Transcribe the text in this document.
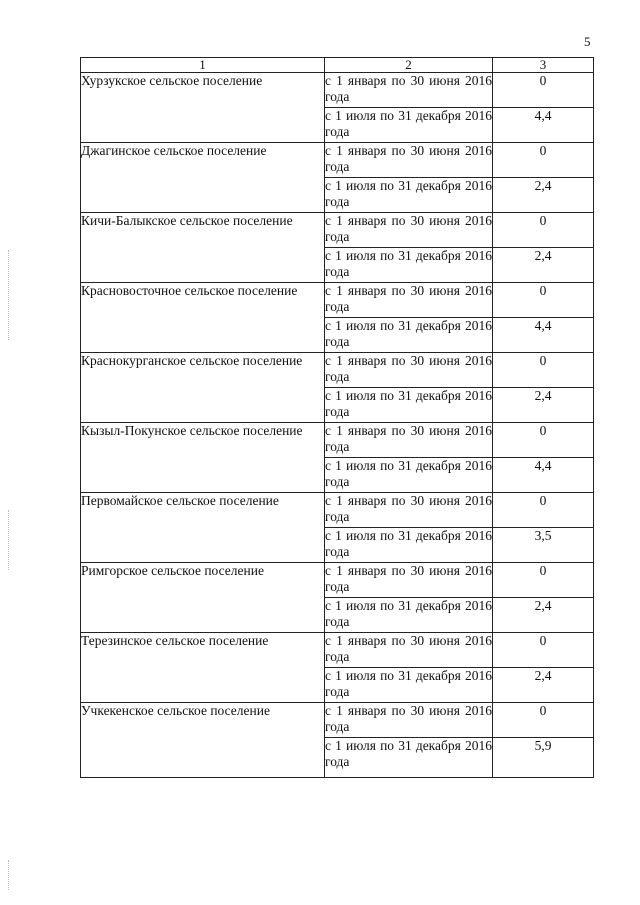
5
1	2	3
Хурзукское сельское поселение	с 1 января по 30 июня 2016 года	0
	с 1 июля по 31 декабря 2016 года	4,4
Джагинское сельское поселение	с 1 января по 30 июня 2016 года	0
	с 1 июля по 31 декабря 2016 года	2,4
Кичи-Балыкское сельское поселение	с 1 января по 30 июня 2016 года	0
	с 1 июля по 31 декабря 2016 года	2,4
Красновосточное сельское поселение	с 1 января по 30 июня 2016 года	0
	с 1 июля по 31 декабря 2016 года	4,4
Краснокурганское сельское поселение	с 1 января по 30 июня 2016 года	0
	с 1 июля по 31 декабря 2016 года	2,4
Кызыл-Покунское сельское поселение	с 1 января по 30 июня 2016 года	0
	с 1 июля по 31 декабря 2016 года	4,4
Первомайское сельское поселение	с 1 января по 30 июня 2016 года	0
	с 1 июля по 31 декабря 2016 года	3,5
Римгорское сельское поселение	с 1 января по 30 июня 2016 года	0
	с 1 июля по 31 декабря 2016 года	2,4
Терезинское сельское поселение	с 1 января по 30 июня 2016 года	0
	с 1 июля по 31 декабря 2016 года	2,4
Учкекенское сельское поселение	с 1 января по 30 июня 2016 года	0
	с 1 июля по 31 декабря 2016 года	5,9
